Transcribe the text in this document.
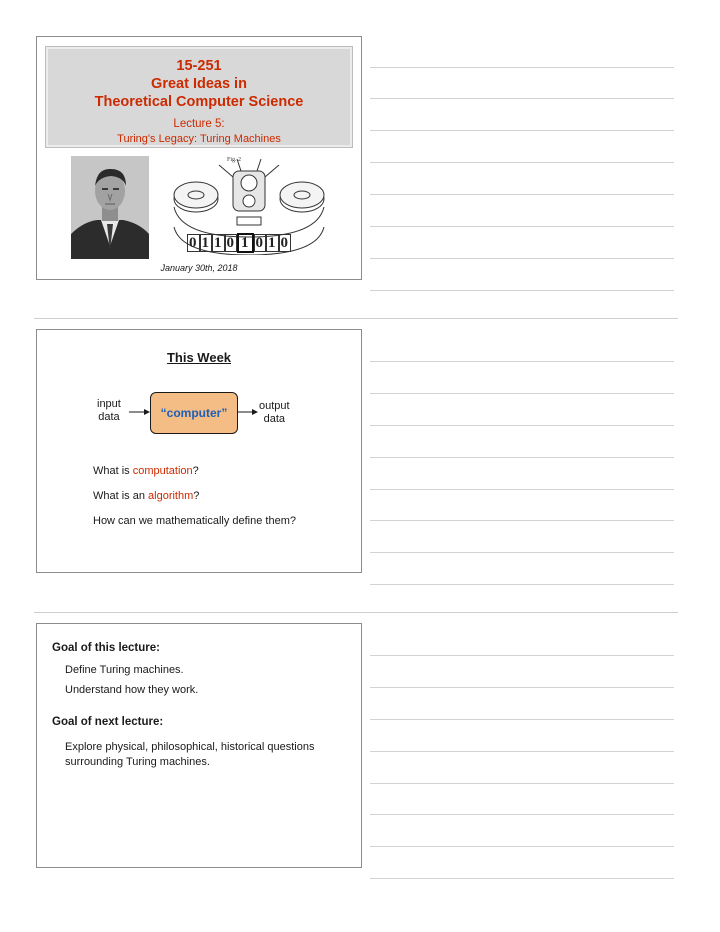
15-251
Great Ideas in
Theoretical Computer Science
Lecture 5:
Turing's Legacy: Turing Machines
Fig. 2
0 1 1 0 1 0 1 0
January 30th, 2018
This Week
input
data	“computer”	output
data
What is computation?
What is an algorithm?
How can we mathematically define them?
Goal of this lecture:
Define Turing machines.
Understand how they work.
Goal of next lecture:
Explore physical, philosophical, historical questions
surrounding Turing machines.
